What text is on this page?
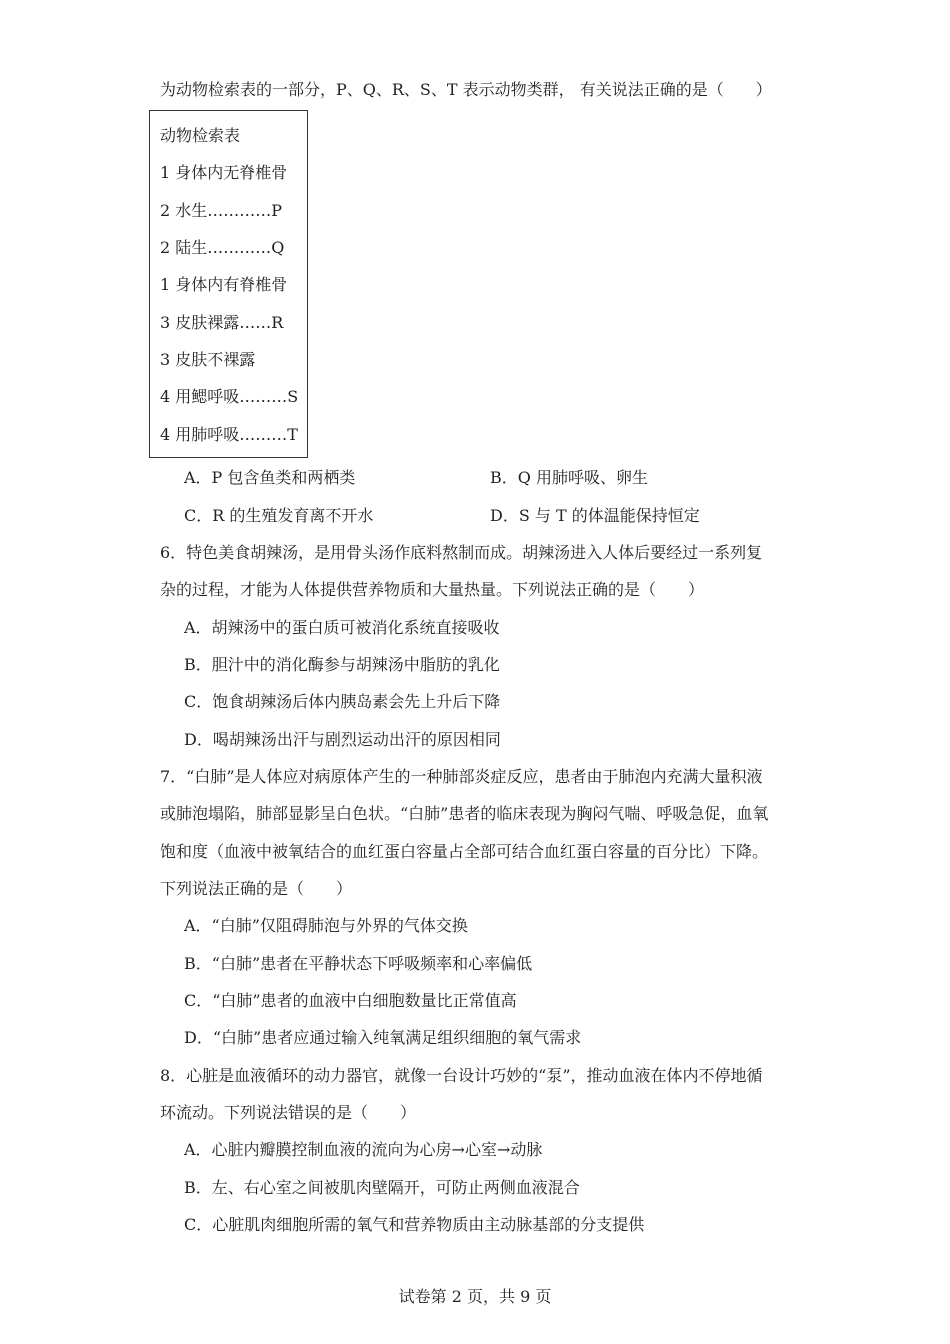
为动物检索表的一部分，P、Q、R、S、T 表示动物类群， 有关说法正确的是（　　）
动物检索表
1 身体内无脊椎骨
2 水生…………P
2 陆生…………Q
1 身体内有脊椎骨
3 皮肤裸露……R
3 皮肤不裸露
4 用鳃呼吸………S
4 用肺呼吸………T
A．P 包含鱼类和两栖类	B．Q 用肺呼吸、卵生
C．R 的生殖发育离不开水	D．S 与 T 的体温能保持恒定
6．特色美食胡辣汤，是用骨头汤作底料熬制而成。胡辣汤进入人体后要经过一系列复
杂的过程，才能为人体提供营养物质和大量热量。下列说法正确的是（　　）
A．胡辣汤中的蛋白质可被消化系统直接吸收
B．胆汁中的消化酶参与胡辣汤中脂肪的乳化
C．饱食胡辣汤后体内胰岛素会先上升后下降
D．喝胡辣汤出汗与剧烈运动出汗的原因相同
7．“白肺”是人体应对病原体产生的一种肺部炎症反应，患者由于肺泡内充满大量积液
或肺泡塌陷，肺部显影呈白色状。“白肺”患者的临床表现为胸闷气喘、呼吸急促，血氧
饱和度（血液中被氧结合的血红蛋白容量占全部可结合血红蛋白容量的百分比）下降。
下列说法正确的是（　　）
A．“白肺”仅阻碍肺泡与外界的气体交换
B．“白肺”患者在平静状态下呼吸频率和心率偏低
C．“白肺”患者的血液中白细胞数量比正常值高
D．“白肺”患者应通过输入纯氧满足组织细胞的氧气需求
8．心脏是血液循环的动力器官，就像一台设计巧妙的“泵”，推动血液在体内不停地循
环流动。下列说法错误的是（　　）
A．心脏内瓣膜控制血液的流向为心房→心室→动脉
B．左、右心室之间被肌肉壁隔开，可防止两侧血液混合
C．心脏肌肉细胞所需的氧气和营养物质由主动脉基部的分支提供
试卷第 2 页，共 9 页
